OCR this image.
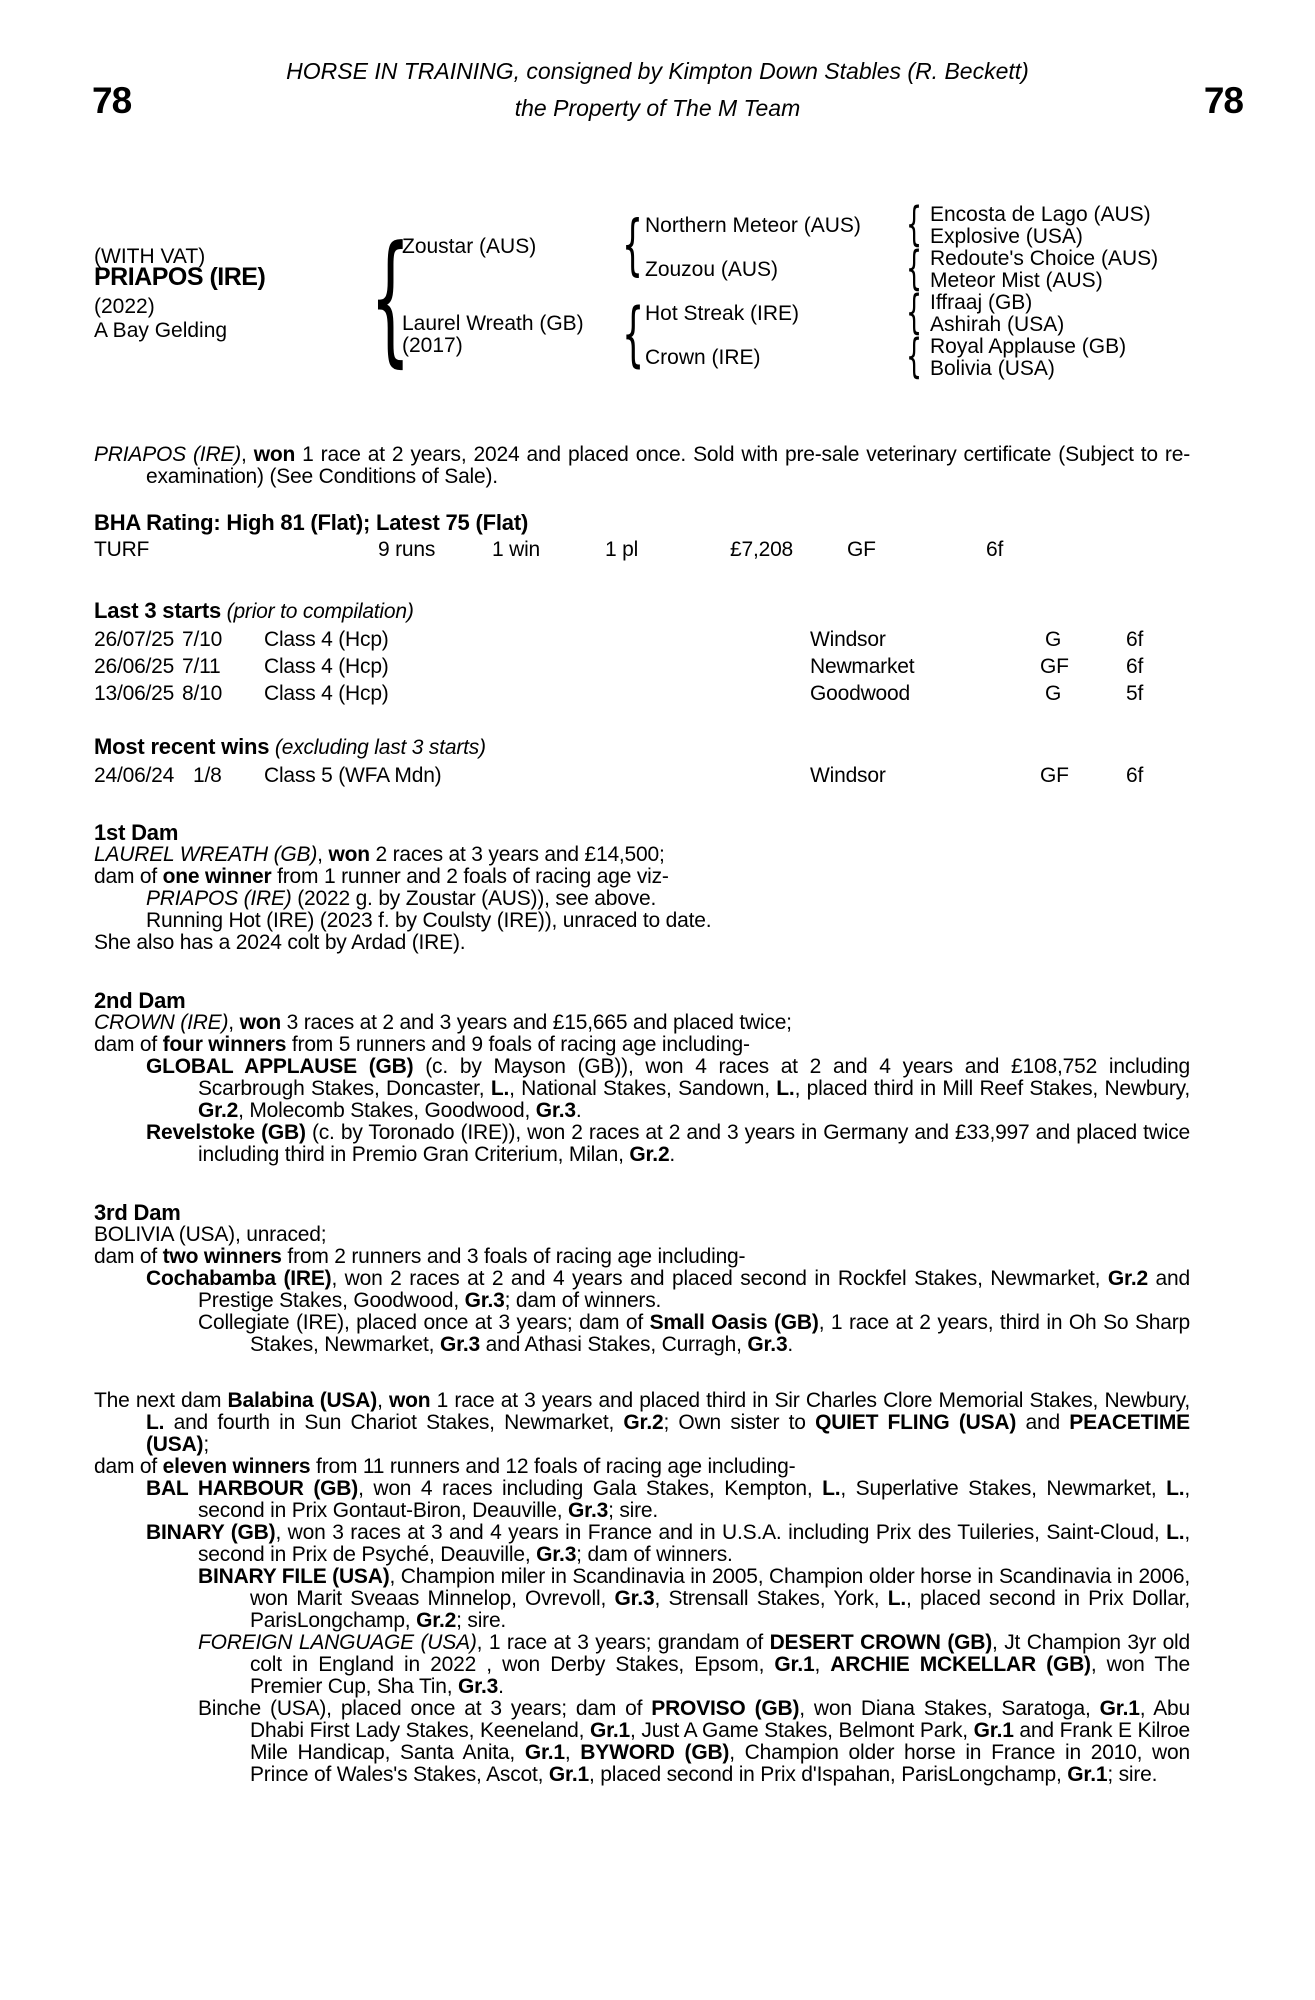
HORSE IN TRAINING, consigned by Kimpton Down Stables (R. Beckett)
the Property of The M Team
78	78
(WITH VAT)
PRIAPOS (IRE)
(2022)
A Bay Gelding {
Zoustar (AUS)
Laurel Wreath (GB)
(2017)
{
{
{
{
{
{
Northern Meteor (AUS)
Zouzou (AUS)
Hot Streak (IRE)
Crown (IRE)
Encosta de Lago (AUS)
Explosive (USA)
Redoute's Choice (AUS)
Meteor Mist (AUS)
Iffraaj (GB)
Ashirah (USA)
Royal Applause (GB)
Bolivia (USA)
PRIAPOS (IRE), won 1 race at 2 years, 2024 and placed once. Sold with pre-sale veterinary certificate (Subject to re-examination) (See Conditions of Sale).
BHA Rating: High 81 (Flat); Latest 75 (Flat)
TURF	9 runs	1 win	1 pl	£7,208	GF	6f
Last 3 starts (prior to compilation)
26/07/25 7/10 Class 4 (Hcp)	Windsor	G	6f
26/06/25 7/11 Class 4 (Hcp)	Newmarket	GF	6f
13/06/25 8/10 Class 4 (Hcp)	Goodwood	G	5f
Most recent wins (excluding last 3 starts)
24/06/24 1/8 Class 5 (WFA Mdn)	Windsor	GF	6f
1st Dam
LAUREL WREATH (GB), won 2 races at 3 years and £14,500;
dam of one winner from 1 runner and 2 foals of racing age viz-
PRIAPOS (IRE) (2022 g. by Zoustar (AUS)), see above.
Running Hot (IRE) (2023 f. by Coulsty (IRE)), unraced to date.
She also has a 2024 colt by Ardad (IRE).
2nd Dam
CROWN (IRE), won 3 races at 2 and 3 years and £15,665 and placed twice;
dam of four winners from 5 runners and 9 foals of racing age including-
GLOBAL APPLAUSE (GB) (c. by Mayson (GB)), won 4 races at 2 and 4 years and £108,752 including Scarbrough Stakes, Doncaster, L., National Stakes, Sandown, L., placed third in Mill Reef Stakes, Newbury, Gr.2, Molecomb Stakes, Goodwood, Gr.3.
Revelstoke (GB) (c. by Toronado (IRE)), won 2 races at 2 and 3 years in Germany and £33,997 and placed twice including third in Premio Gran Criterium, Milan, Gr.2.
3rd Dam
BOLIVIA (USA), unraced;
dam of two winners from 2 runners and 3 foals of racing age including-
Cochabamba (IRE), won 2 races at 2 and 4 years and placed second in Rockfel Stakes, Newmarket, Gr.2 and Prestige Stakes, Goodwood, Gr.3; dam of winners.
Collegiate (IRE), placed once at 3 years; dam of Small Oasis (GB), 1 race at 2 years, third in Oh So Sharp Stakes, Newmarket, Gr.3 and Athasi Stakes, Curragh, Gr.3.
The next dam Balabina (USA), won 1 race at 3 years and placed third in Sir Charles Clore Memorial Stakes, Newbury, L. and fourth in Sun Chariot Stakes, Newmarket, Gr.2; Own sister to QUIET FLING (USA) and PEACETIME (USA);
dam of eleven winners from 11 runners and 12 foals of racing age including-
BAL HARBOUR (GB), won 4 races including Gala Stakes, Kempton, L., Superlative Stakes, Newmarket, L., second in Prix Gontaut-Biron, Deauville, Gr.3; sire.
BINARY (GB), won 3 races at 3 and 4 years in France and in U.S.A. including Prix des Tuileries, Saint-Cloud, L., second in Prix de Psyché, Deauville, Gr.3; dam of winners.
BINARY FILE (USA), Champion miler in Scandinavia in 2005, Champion older horse in Scandinavia in 2006, won Marit Sveaas Minnelop, Ovrevoll, Gr.3, Strensall Stakes, York, L., placed second in Prix Dollar, ParisLongchamp, Gr.2; sire.
FOREIGN LANGUAGE (USA), 1 race at 3 years; grandam of DESERT CROWN (GB), Jt Champion 3yr old colt in England in 2022 , won Derby Stakes, Epsom, Gr.1, ARCHIE MCKELLAR (GB), won The Premier Cup, Sha Tin, Gr.3.
Binche (USA), placed once at 3 years; dam of PROVISO (GB), won Diana Stakes, Saratoga, Gr.1, Abu Dhabi First Lady Stakes, Keeneland, Gr.1, Just A Game Stakes, Belmont Park, Gr.1 and Frank E Kilroe Mile Handicap, Santa Anita, Gr.1, BYWORD (GB), Champion older horse in France in 2010, won Prince of Wales's Stakes, Ascot, Gr.1, placed second in Prix d'Ispahan, ParisLongchamp, Gr.1; sire.
